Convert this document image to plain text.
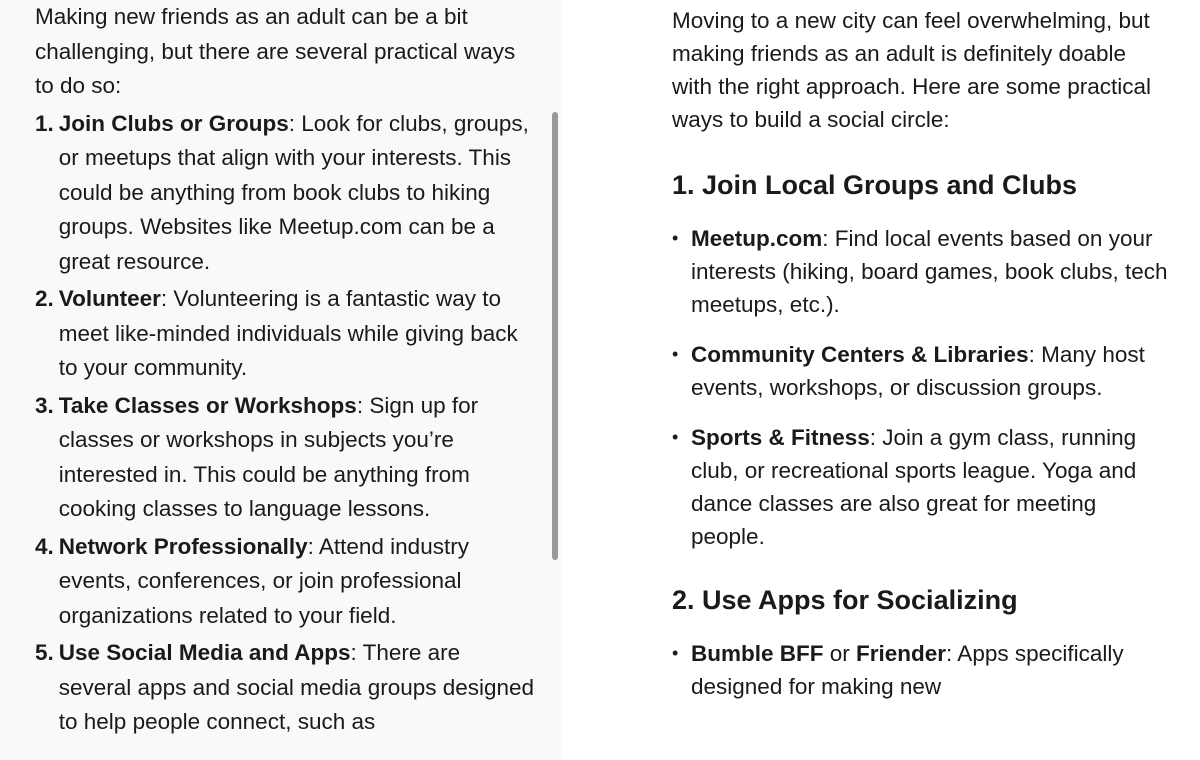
Making new friends as an adult can be a bit challenging, but there are several practical ways to do so:

1. Join Clubs or Groups: Look for clubs, groups, or meetups that align with your interests. This could be anything from book clubs to hiking groups. Websites like Meetup.com can be a great resource.
2. Volunteer: Volunteering is a fantastic way to meet like-minded individuals while giving back to your community.
3. Take Classes or Workshops: Sign up for classes or workshops in subjects you’re interested in. This could be anything from cooking classes to language lessons.
4. Network Professionally: Attend industry events, conferences, or join professional organizations related to your field.
5. Use Social Media and Apps: There are several apps and social media groups designed to help people connect, such as

Moving to a new city can feel overwhelming, but making friends as an adult is definitely doable with the right approach. Here are some practical ways to build a social circle:

1. Join Local Groups and Clubs
• Meetup.com: Find local events based on your interests (hiking, board games, book clubs, tech meetups, etc.).
• Community Centers & Libraries: Many host events, workshops, or discussion groups.
• Sports & Fitness: Join a gym class, running club, or recreational sports league. Yoga and dance classes are also great for meeting people.
2. Use Apps for Socializing
• Bumble BFF or Friender: Apps specifically designed for making new
